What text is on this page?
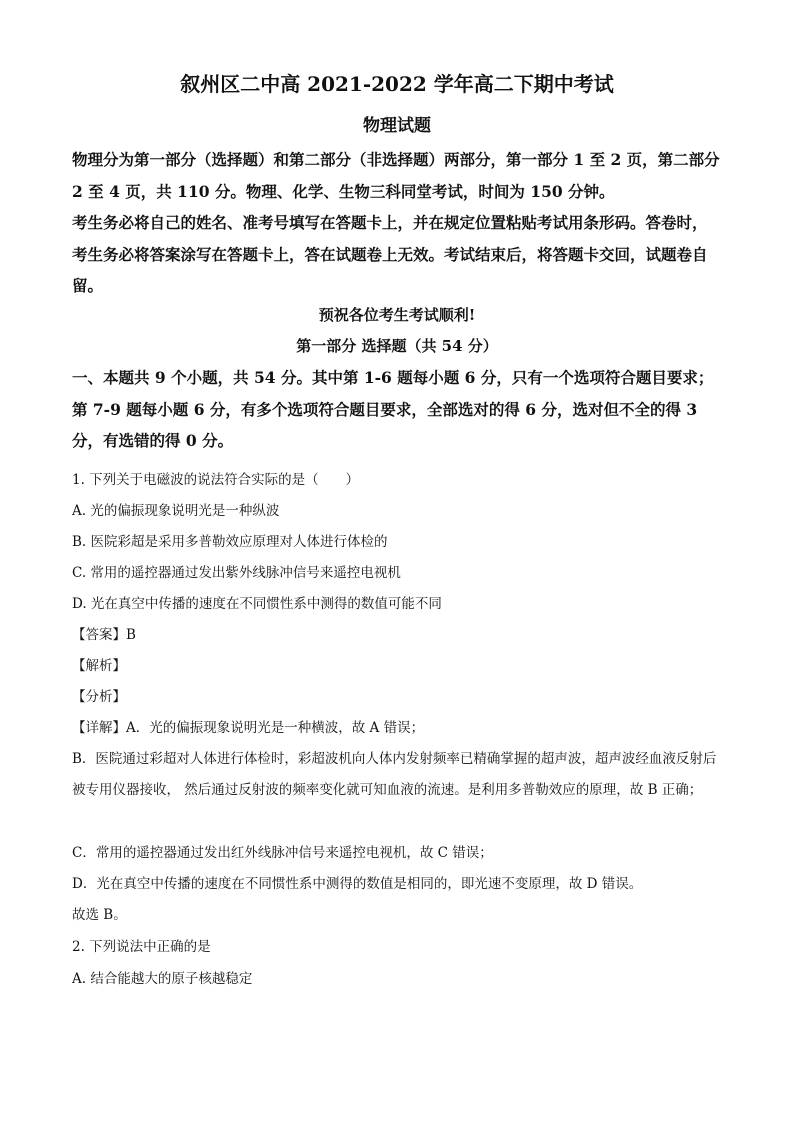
叙州区二中高 2021-2022 学年高二下期中考试
物理试题
物理分为第一部分（选择题）和第二部分（非选择题）两部分，第一部分 1 至 2 页，第二部分 2 至 4 页，共 110 分。物理、化学、生物三科同堂考试，时间为 150 分钟。
考生务必将自己的姓名、准考号填写在答题卡上，并在规定位置粘贴考试用条形码。答卷时，考生务必将答案涂写在答题卡上，答在试题卷上无效。考试结束后，将答题卡交回，试题卷自留。
预祝各位考生考试顺利!
第一部分 选择题（共 54 分）
一、本题共 9 个小题，共 54 分。其中第 1-6 题每小题 6 分，只有一个选项符合题目要求；第 7-9 题每小题 6 分，有多个选项符合题目要求，全部选对的得 6 分，选对但不全的得 3 分，有选错的得 0 分。
1. 下列关于电磁波的说法符合实际的是（　　）
A. 光的偏振现象说明光是一种纵波
B. 医院彩超是采用多普勒效应原理对人体进行体检的
C. 常用的遥控器通过发出紫外线脉冲信号来遥控电视机
D. 光在真空中传播的速度在不同惯性系中测得的数值可能不同
【答案】B
【解析】
【分析】
【详解】A．光的偏振现象说明光是一种横波，故 A 错误；
B．医院通过彩超对人体进行体检时，彩超波机向人体内发射频率已精确掌握的超声波，超声波经血液反射后被专用仪器接收， 然后通过反射波的频率变化就可知血液的流速。是利用多普勒效应的原理，故 B 正确；
C．常用的遥控器通过发出红外线脉冲信号来遥控电视机，故 C 错误；
D．光在真空中传播的速度在不同惯性系中测得的数值是相同的，即光速不变原理，故 D 错误。
故选 B。
2. 下列说法中正确的是
A. 结合能越大的原子核越稳定
